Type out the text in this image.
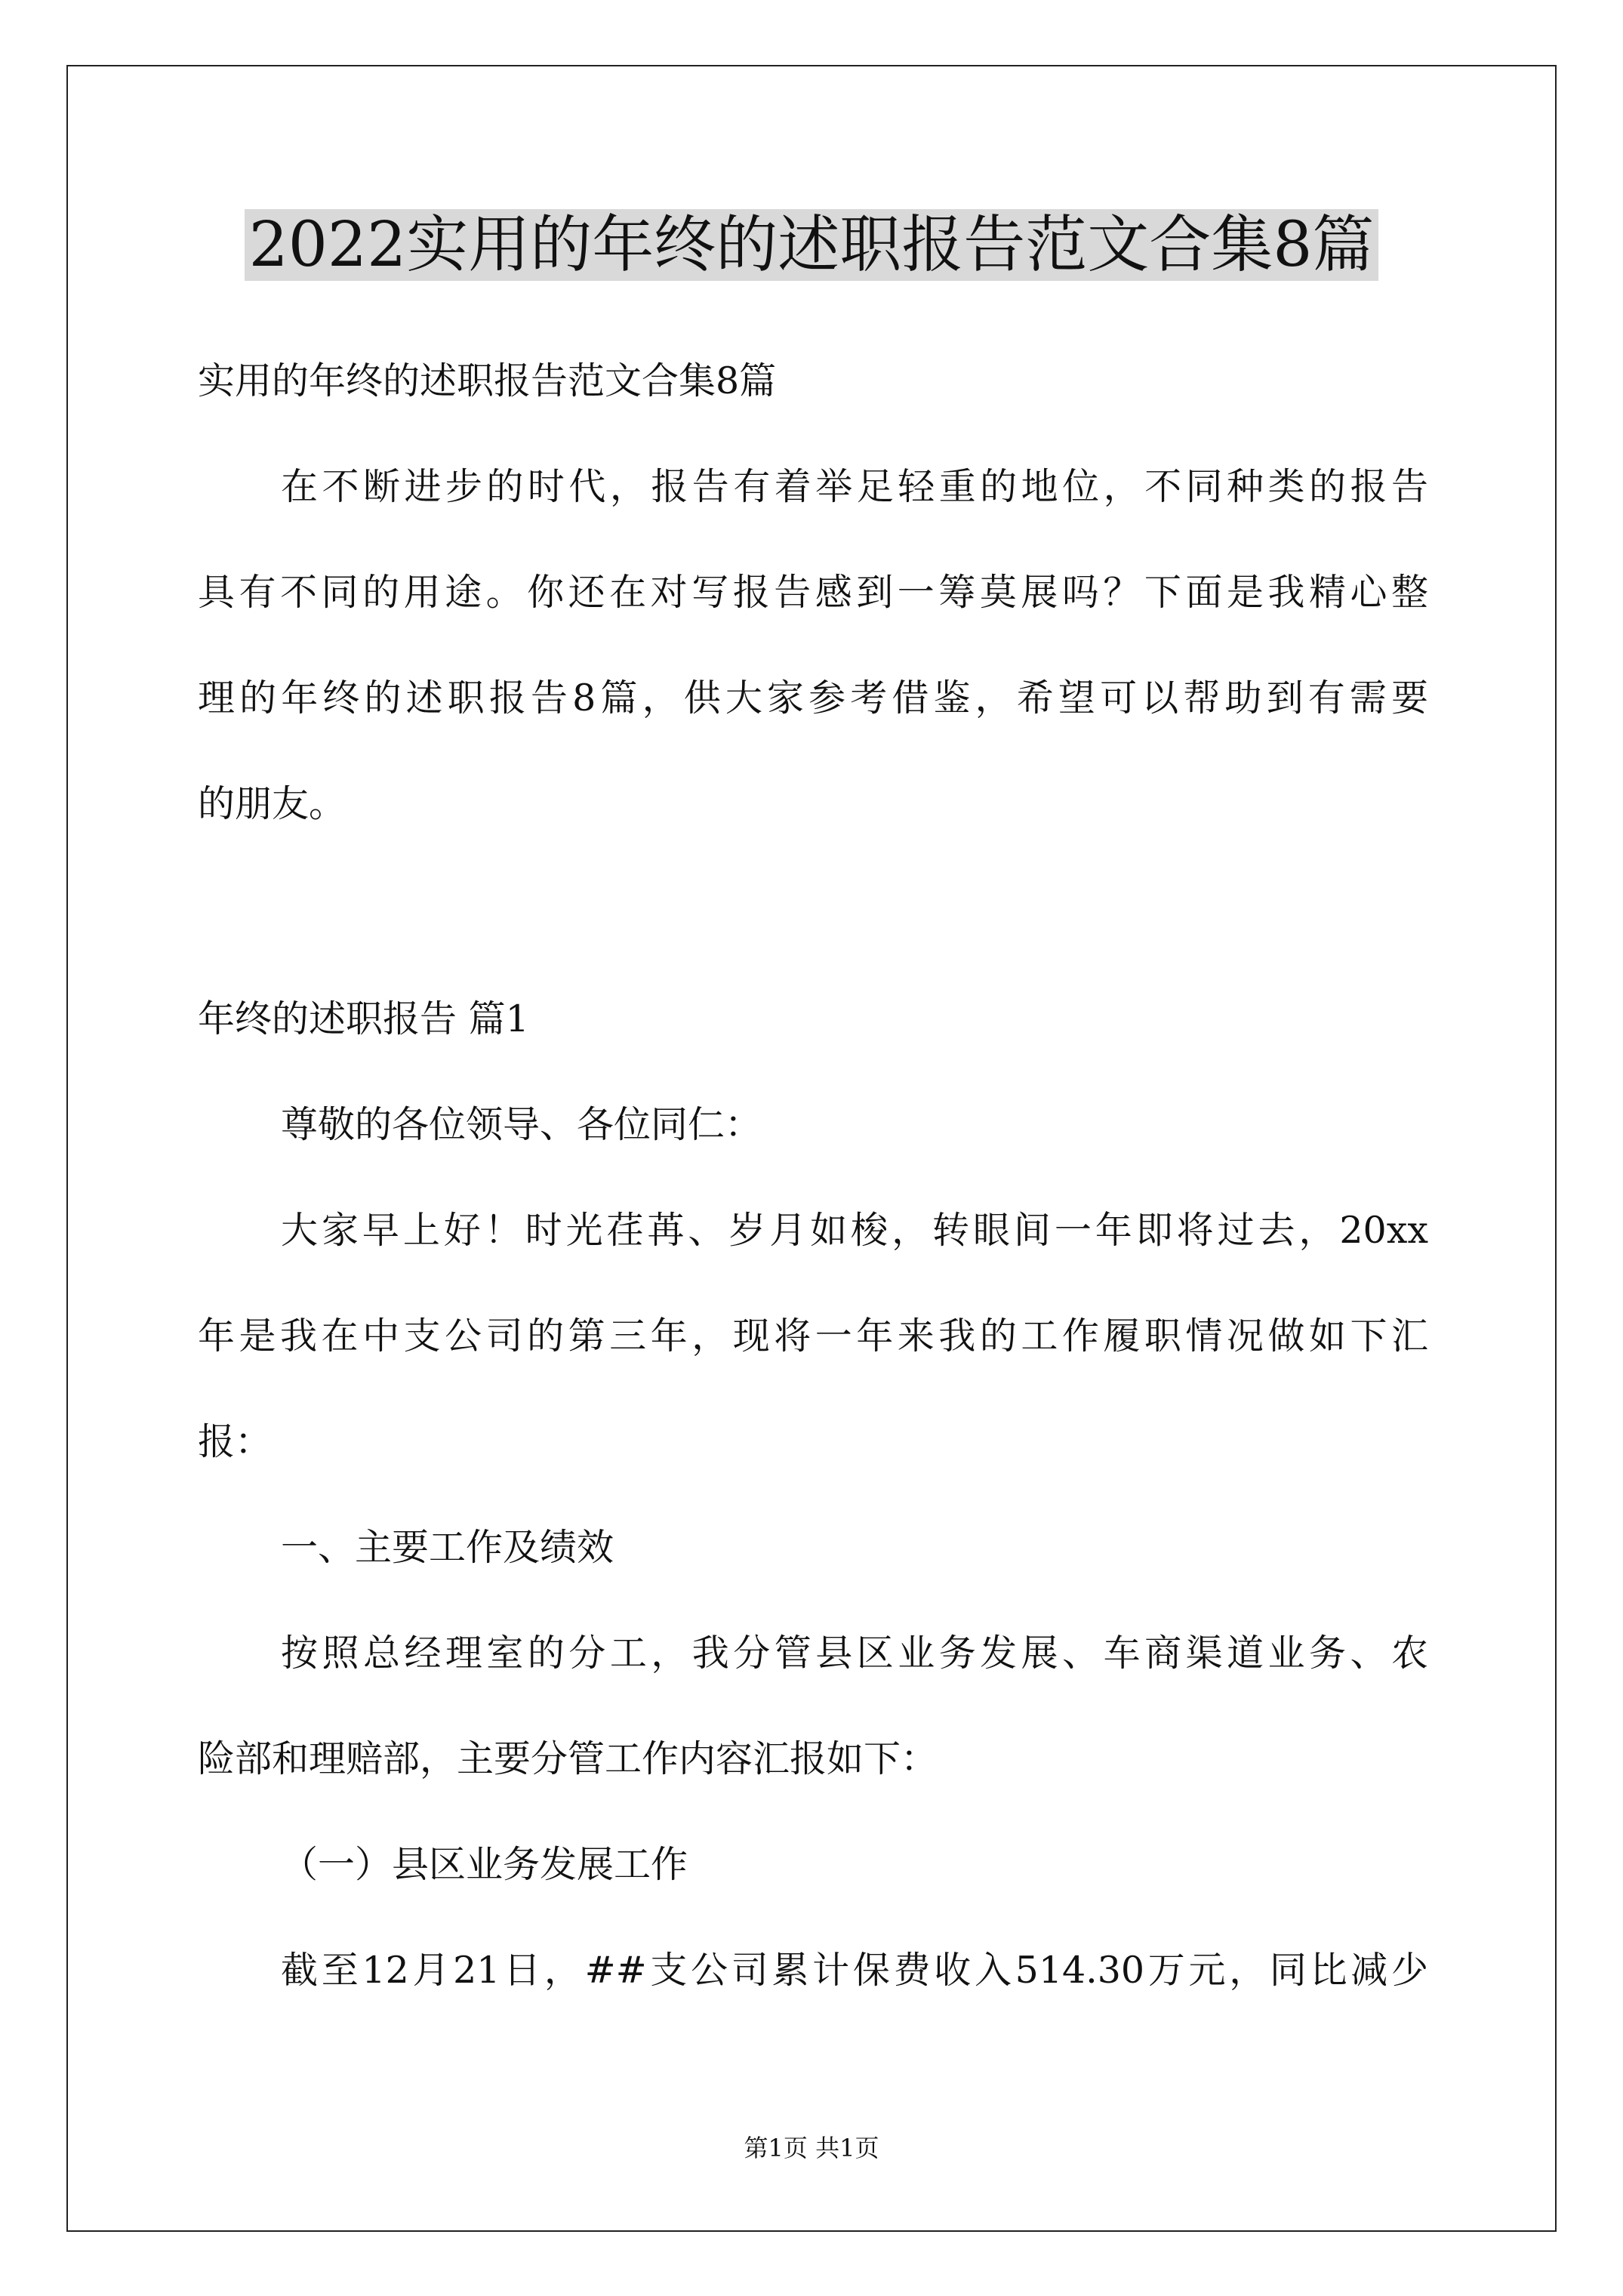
2022实用的年终的述职报告范文合集8篇

实用的年终的述职报告范文合集8篇

在不断进步的时代，报告有着举足轻重的地位，不同种类的报告

具有不同的用途。你还在对写报告感到一筹莫展吗？下面是我精心整

理的年终的述职报告8篇，供大家参考借鉴，希望可以帮助到有需要

的朋友。

年终的述职报告 篇1

尊敬的各位领导、各位同仁：

大家早上好！时光荏苒、岁月如梭，转眼间一年即将过去，20xx

年是我在中支公司的第三年，现将一年来我的工作履职情况做如下汇

报：

一、主要工作及绩效

按照总经理室的分工，我分管县区业务发展、车商渠道业务、农

险部和理赔部，主要分管工作内容汇报如下：

（一）县区业务发展工作

截至12月21日，##支公司累计保费收入514.30万元，同比减少

第1页 共1页
